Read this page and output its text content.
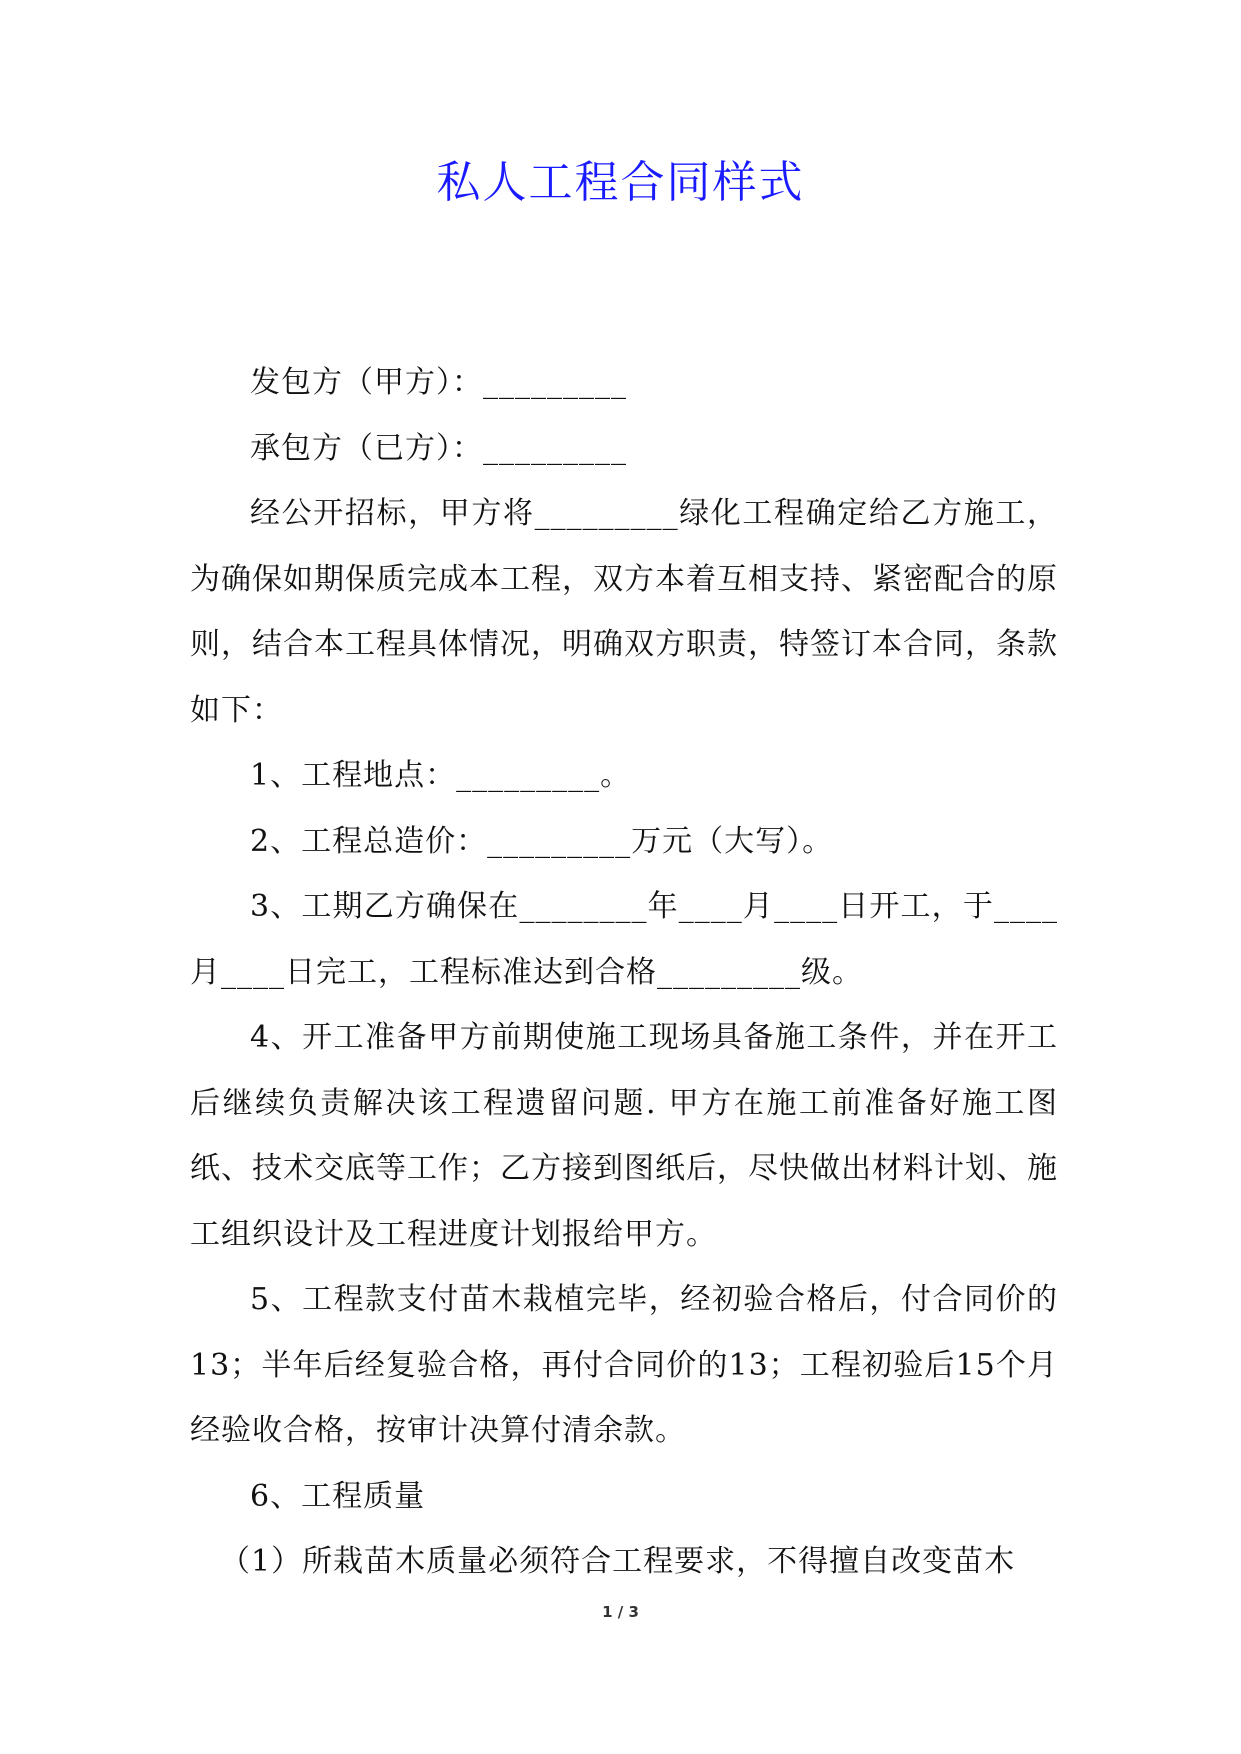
私人工程合同样式

发包方（甲方）：_________

承包方（已方）：_________

经公开招标，甲方将_________绿化工程确定给乙方施工，为确保如期保质完成本工程，双方本着互相支持、紧密配合的原则，结合本工程具体情况，明确双方职责，特签订本合同，条款如下：

1、工程地点：_________。

2、工程总造价：_________万元（大写）。

3、工期乙方确保在________年____月____日开工，于____月____日完工，工程标准达到合格_________级。

4、开工准备甲方前期使施工现场具备施工条件，并在开工后继续负责解决该工程遗留问题. 甲方在施工前准备好施工图纸、技术交底等工作；乙方接到图纸后，尽快做出材料计划、施工组织设计及工程进度计划报给甲方。

5、工程款支付苗木栽植完毕，经初验合格后，付合同价的13；半年后经复验合格，再付合同价的13；工程初验后15个月经验收合格，按审计决算付清余款。

6、工程质量

（1）所栽苗木质量必须符合工程要求，不得擅自改变苗木

1 / 3
